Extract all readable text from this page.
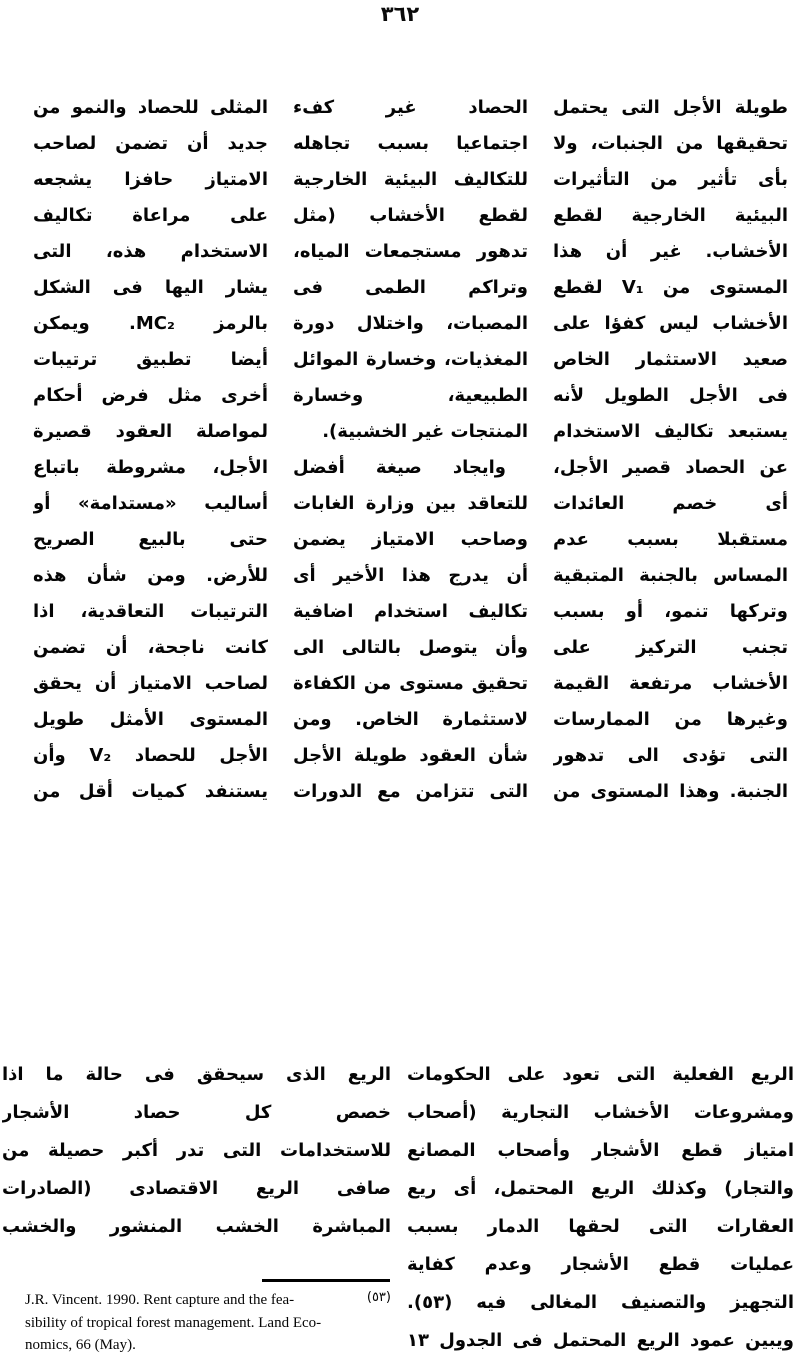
٣٦٢
طويلة الأجل التى يحتمل
تحقيقها من الجنبات، ولا
بأى تأثير من التأثيرات
البيئية الخارجية لقطع
الأخشاب. غير أن هذا
المستوى من V₁ لقطع
الأخشاب ليس كفؤا على
صعيد الاستثمار الخاص
فى الأجل الطويل لأنه
يستبعد تكاليف الاستخدام
عن الحصاد قصير الأجل،
أى خصم العائدات
مستقبلا بسبب عدم
المساس بالجنبة المتبقية
وتركها تنمو، أو بسبب
تجنب التركيز على
الأخشاب مرتفعة القيمة
وغيرها من الممارسات
التى تؤدى الى تدهور
الجنبة. وهذا المستوى من
الحصاد غير كفء
اجتماعيا بسبب تجاهله
للتكاليف البيئية الخارجية
لقطع الأخشاب (مثل
تدهور مستجمعات المياه،
وتراكم الطمى فى
المصبات، واختلال دورة
المغذيات، وخسارة الموائل
الطبيعية، وخسارة
المنتجات غير الخشبية).
وايجاد صيغة أفضل
للتعاقد بين وزارة الغابات
وصاحب الامتياز يضمن
أن يدرج هذا الأخير أى
تكاليف استخدام اضافية
وأن يتوصل بالتالى الى
تحقيق مستوى من الكفاءة
لاستثمارة الخاص. ومن
شأن العقود طويلة الأجل
التى تتزامن مع الدورات
المثلى للحصاد والنمو من
جديد أن تضمن لصاحب
الامتياز حافزا يشجعه
على مراعاة تكاليف
الاستخدام هذه، التى
يشار اليها فى الشكل
بالرمز MC₂. ويمكن
أيضا تطبيق ترتيبات
أخرى مثل فرض أحكام
لمواصلة العقود قصيرة
الأجل، مشروطة باتباع
أساليب «مستدامة» أو
حتى بالبيع الصريح
للأرض. ومن شأن هذه
الترتيبات التعاقدية، اذا
كانت ناجحة، أن تضمن
لصاحب الامتياز أن يحقق
المستوى الأمثل طويل
الأجل للحصاد V₂ وأن
يستنفد كميات أقل من
الريع الفعلية التى تعود على الحكومات
ومشروعات الأخشاب التجارية (أصحاب
امتياز قطع الأشجار وأصحاب المصانع
والتجار) وكذلك الريع المحتمل، أى ريع
العقارات التى لحقها الدمار بسبب
عمليات قطع الأشجار وعدم كفاية
التجهيز والتصنيف المغالى فيه (٥٣).
ويبين عمود الريع المحتمل فى الجدول ١٣
الريع الذى سيحقق فى حالة ما اذا
خصص كل حصاد الأشجار
للاستخدامات التى تدر أكبر حصيلة من
صافى الريع الاقتصادى (الصادرات
المباشرة الخشب المنشور والخشب
J.R. Vincent. 1990. Rent capture and the fea-	(٥٣)
sibility of tropical forest management. Land Eco-
nomics, 66 (May).
